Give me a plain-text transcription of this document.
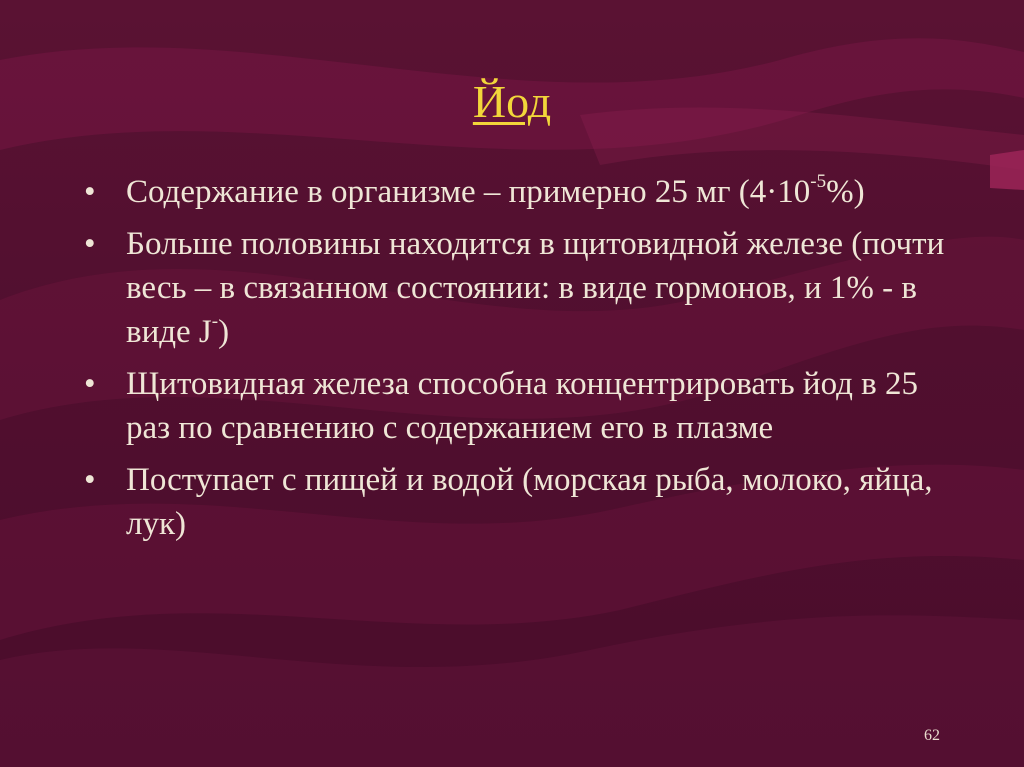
Йод
• Содержание в организме – примерно 25 мг $(4\cdot 10^{-5}\%)$
• Больше половины находится в щитовидной железе (почти весь – в связанном состоянии: в виде гормонов, и 1% - в виде J-)
• Щитовидная железа способна концентрировать йод в 25 раз по сравнению с содержанием его в плазме
• Поступает с пищей и водой (морская рыба, молоко, яйца, лук)
62
